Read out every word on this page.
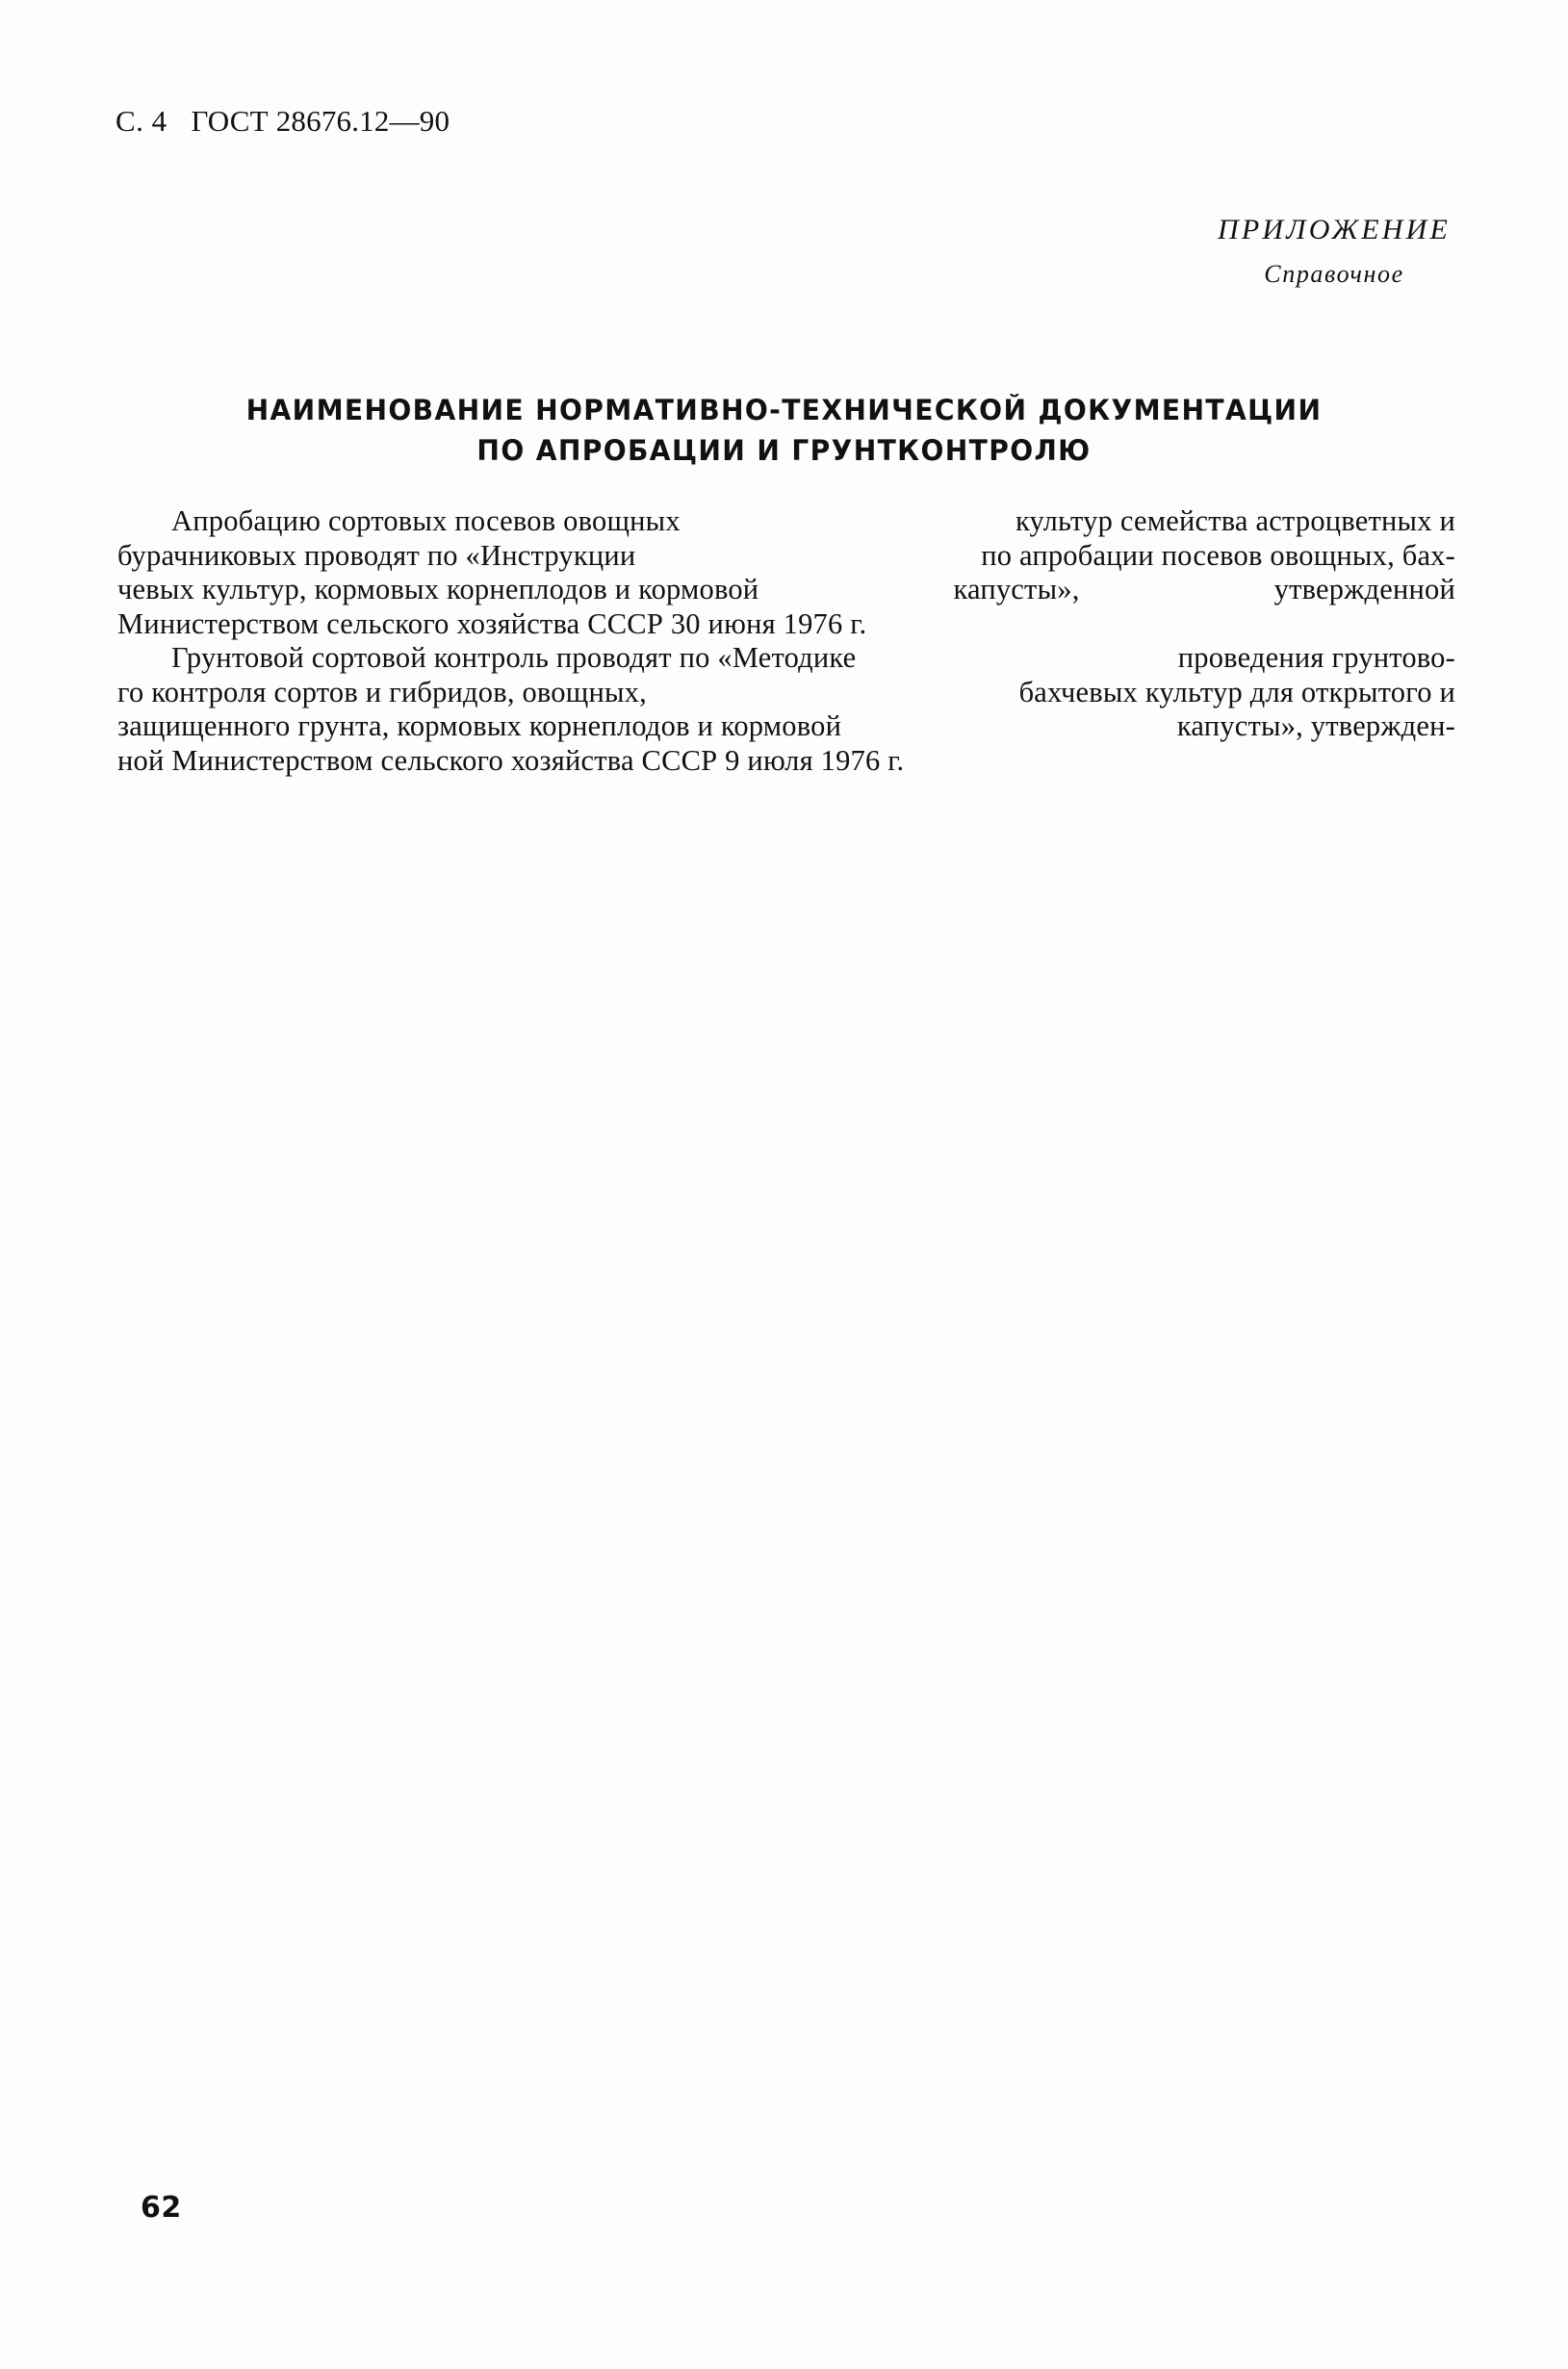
С. 4 ГОСТ 28676.12—90
ПРИЛОЖЕНИЕ
Справочное
НАИМЕНОВАНИЕ НОРМАТИВНО-ТЕХНИЧЕСКОЙ ДОКУМЕНТАЦИИ
ПО АПРОБАЦИИ И ГРУНТКОНТРОЛЮ
Апробацию сортовых посевов овощных	культур семейства астроцветных и
бурачниковых проводят по «Инструкции	по апробации посевов овощных, бах-
чевых культур, кормовых корнеплодов и кормовой	капусты»,	утвержденной
Министерством сельского хозяйства СССР 30 июня 1976 г.
Грунтовой сортовой контроль проводят по «Методике	проведения грунтово-
го контроля сортов и гибридов, овощных,	бахчевых культур для открытого и
защищенного грунта, кормовых корнеплодов и кормовой	капусты», утвержден-
ной Министерством сельского хозяйства СССР 9 июля 1976 г.
62
